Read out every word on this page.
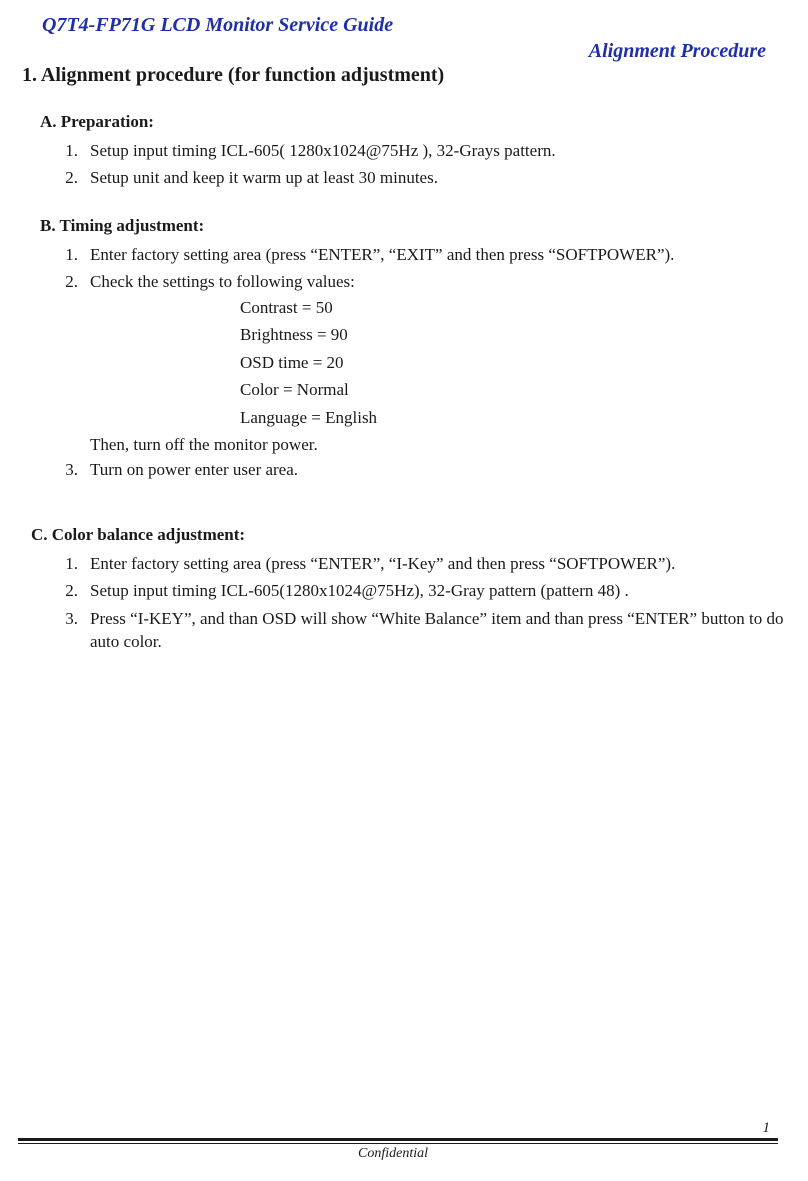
Q7T4-FP71G LCD Monitor Service Guide
Alignment Procedure
1. Alignment procedure (for function adjustment)
A. Preparation:
1. Setup input timing ICL-605( 1280x1024@75Hz ), 32-Grays pattern.
2. Setup unit and keep it warm up at least 30 minutes.
B. Timing adjustment:
1. Enter factory setting area (press “ENTER”, “EXIT” and then press “SOFTPOWER”).
2. Check the settings to following values:
Contrast = 50
Brightness = 90
OSD time = 20
Color = Normal
Language = English
Then, turn off the monitor power.
3. Turn on power enter user area.
C. Color balance adjustment:
1. Enter factory setting area (press “ENTER”, “I-Key” and then press “SOFTPOWER”).
2. Setup input timing ICL-605(1280x1024@75Hz), 32-Gray pattern (pattern 48) .
3. Press “I-KEY”, and than OSD will show “White Balance” item and than press “ENTER” button to do auto color.
1
Confidential
